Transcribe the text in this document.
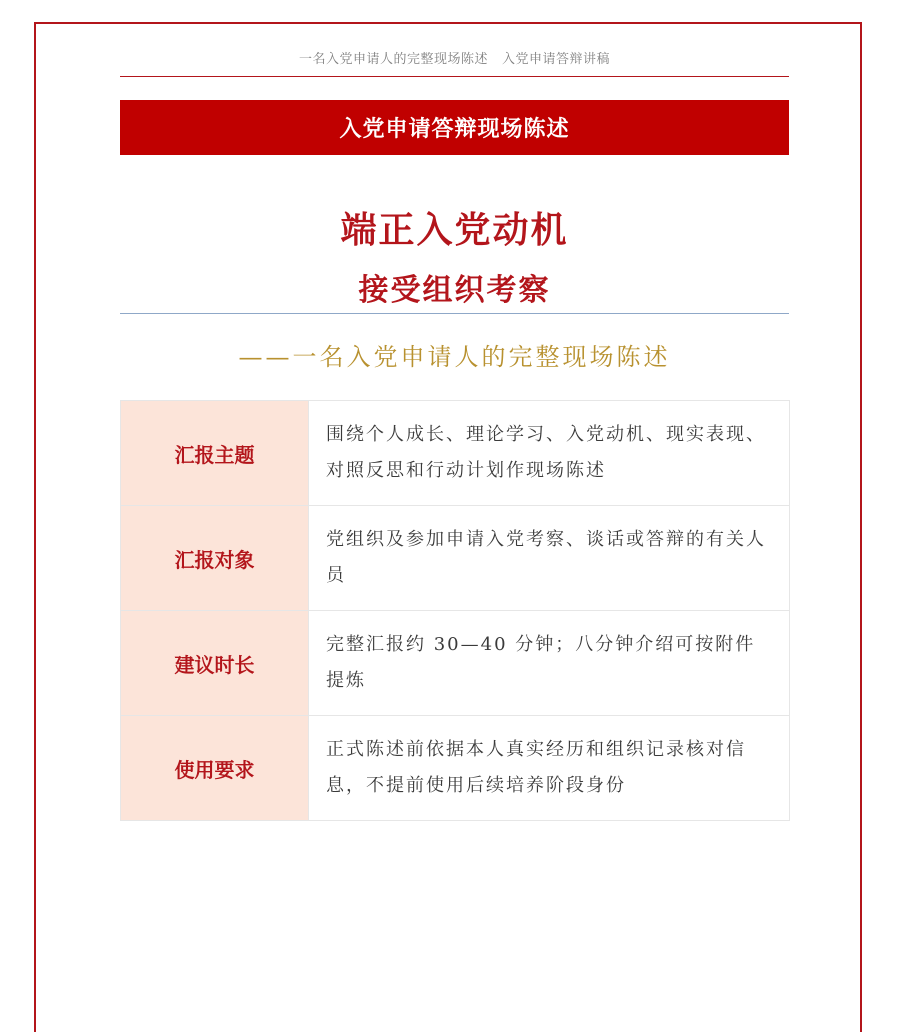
一名入党申请人的完整现场陈述 入党申请答辩讲稿
入党申请答辩现场陈述
端正入党动机
接受组织考察
——一名入党申请人的完整现场陈述
汇报主题	围绕个人成长、理论学习、入党动机、现实表现、对照反思和行动计划作现场陈述
汇报对象	党组织及参加申请入党考察、谈话或答辩的有关人员
建议时长	完整汇报约 30—40 分钟；八分钟介绍可按附件提炼
使用要求	正式陈述前依据本人真实经历和组织记录核对信息，不提前使用后续培养阶段身份
